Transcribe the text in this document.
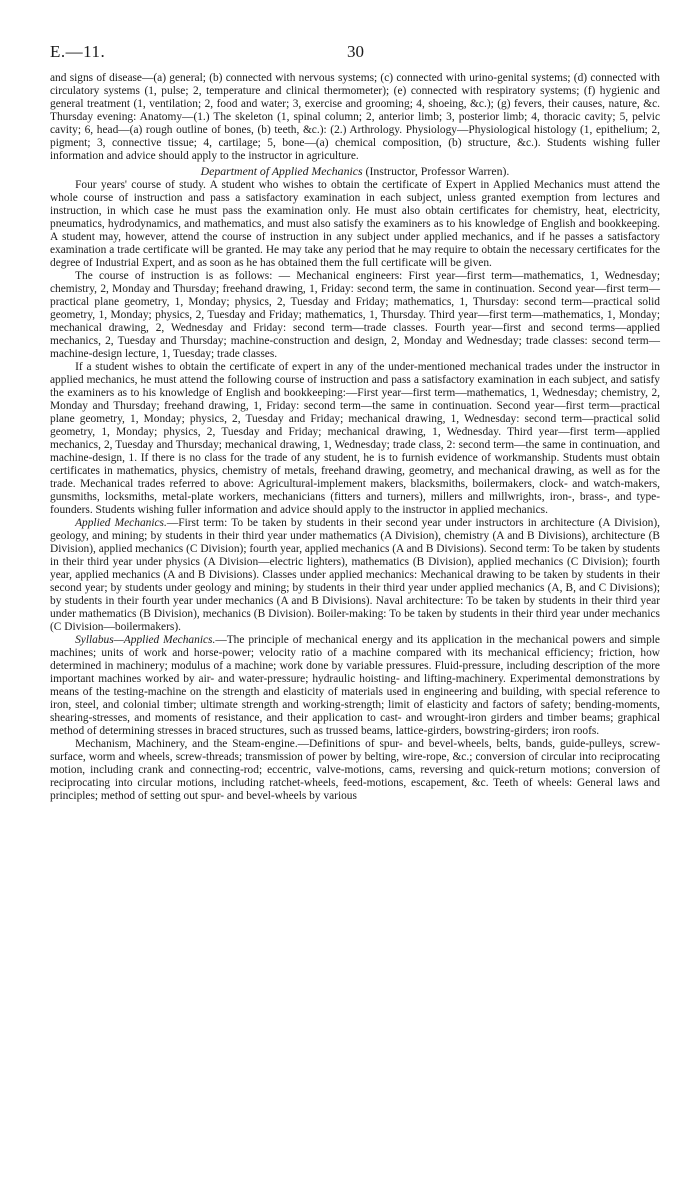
E.—11.	30

and signs of disease—(a) general; (b) connected with nervous systems; (c) connected with urino-genital systems; (d) connected with circulatory systems (1, pulse; 2, temperature and clinical thermometer); (e) connected with respiratory systems; (f) hygienic and general treatment (1, ventilation; 2, food and water; 3, exercise and grooming; 4, shoeing, &c.); (g) fevers, their causes, nature, &c. Thursday evening: Anatomy—(1.) The skeleton (1, spinal column; 2, anterior limb; 3, posterior limb; 4, thoracic cavity; 5, pelvic cavity; 6, head—(a) rough outline of bones, (b) teeth, &c.): (2.) Arthrology. Physiology—Physiological histology (1, epithelium; 2, pigment; 3, connective tissue; 4, cartilage; 5, bone—(a) chemical composition, (b) structure, &c.). Students wishing fuller information and advice should apply to the instructor in agriculture.

Department of Applied Mechanics (Instructor, Professor Warren).

Four years' course of study. A student who wishes to obtain the certificate of Expert in Applied Mechanics must attend the whole course of instruction and pass a satisfactory examination in each subject, unless granted exemption from lectures and instruction, in which case he must pass the examination only. He must also obtain certificates for chemistry, heat, electricity, pneumatics, hydrodynamics, and mathematics, and must also satisfy the examiners as to his knowledge of English and bookkeeping. A student may, however, attend the course of instruction in any subject under applied mechanics, and if he passes a satisfactory examination a trade certificate will be granted. He may take any period that he may require to obtain the necessary certificates for the degree of Industrial Expert, and as soon as he has obtained them the full certificate will be given.

The course of instruction is as follows: — Mechanical engineers: First year—first term—mathematics, 1, Wednesday; chemistry, 2, Monday and Thursday; freehand drawing, 1, Friday: second term, the same in continuation. Second year—first term—practical plane geometry, 1, Monday; physics, 2, Tuesday and Friday; mathematics, 1, Thursday: second term—practical solid geometry, 1, Monday; physics, 2, Tuesday and Friday; mathematics, 1, Thursday. Third year—first term—mathematics, 1, Monday; mechanical drawing, 2, Wednesday and Friday: second term—trade classes. Fourth year—first and second terms—applied mechanics, 2, Tuesday and Thursday; machine-construction and design, 2, Monday and Wednesday; trade classes: second term—machine-design lecture, 1, Tuesday; trade classes.

If a student wishes to obtain the certificate of expert in any of the under-mentioned mechanical trades under the instructor in applied mechanics, he must attend the following course of instruction and pass a satisfactory examination in each subject, and satisfy the examiners as to his knowledge of English and bookkeeping:—First year—first term—mathematics, 1, Wednesday; chemistry, 2, Monday and Thursday; freehand drawing, 1, Friday: second term—the same in continuation. Second year—first term—practical plane geometry, 1, Monday; physics, 2, Tuesday and Friday; mechanical drawing, 1, Wednesday: second term—practical solid geometry, 1, Monday; physics, 2, Tuesday and Friday; mechanical drawing, 1, Wednesday. Third year—first term—applied mechanics, 2, Tuesday and Thursday; mechanical drawing, 1, Wednesday; trade class, 2: second term—the same in continuation, and machine-design, 1. If there is no class for the trade of any student, he is to furnish evidence of workmanship. Students must obtain certificates in mathematics, physics, chemistry of metals, freehand drawing, geometry, and mechanical drawing, as well as for the trade. Mechanical trades referred to above: Agricultural-implement makers, blacksmiths, boilermakers, clock- and watch-makers, gunsmiths, locksmiths, metal-plate workers, mechanicians (fitters and turners), millers and millwrights, iron-, brass-, and type-founders. Students wishing fuller information and advice should apply to the instructor in applied mechanics.

Applied Mechanics.—First term: To be taken by students in their second year under instructors in architecture (A Division), geology, and mining; by students in their third year under mathematics (A Division), chemistry (A and B Divisions), architecture (B Division), applied mechanics (C Division); fourth year, applied mechanics (A and B Divisions). Second term: To be taken by students in their third year under physics (A Division—electric lighters), mathematics (B Division), applied mechanics (C Division); fourth year, applied mechanics (A and B Divisions). Classes under applied mechanics: Mechanical drawing to be taken by students in their second year; by students under geology and mining; by students in their third year under applied mechanics (A, B, and C Divisions); by students in their fourth year under mechanics (A and B Divisions). Naval architecture: To be taken by students in their third year under mathematics (B Division), mechanics (B Division). Boiler-making: To be taken by students in their third year under mechanics (C Division—boilermakers).

Syllabus—Applied Mechanics.—The principle of mechanical energy and its application in the mechanical powers and simple machines; units of work and horse-power; velocity ratio of a machine compared with its mechanical efficiency; friction, how determined in machinery; modulus of a machine; work done by variable pressures. Fluid-pressure, including description of the more important machines worked by air- and water-pressure; hydraulic hoisting- and lifting-machinery. Experimental demonstrations by means of the testing-machine on the strength and elasticity of materials used in engineering and building, with special reference to iron, steel, and colonial timber; ultimate strength and working-strength; limit of elasticity and factors of safety; bending-moments, shearing-stresses, and moments of resistance, and their application to cast- and wrought-iron girders and timber beams; graphical method of determining stresses in braced structures, such as trussed beams, lattice-girders, bowstring-girders; iron roofs.

Mechanism, Machinery, and the Steam-engine.—Definitions of spur- and bevel-wheels, belts, bands, guide-pulleys, screw-surface, worm and wheels, screw-threads; transmission of power by belting, wire-rope, &c.; conversion of circular into reciprocating motion, including crank and connecting-rod; eccentric, valve-motions, cams, reversing and quick-return motions; conversion of reciprocating into circular motions, including ratchet-wheels, feed-motions, escapement, &c. Teeth of wheels: General laws and principles; method of setting out spur- and bevel-wheels by various
